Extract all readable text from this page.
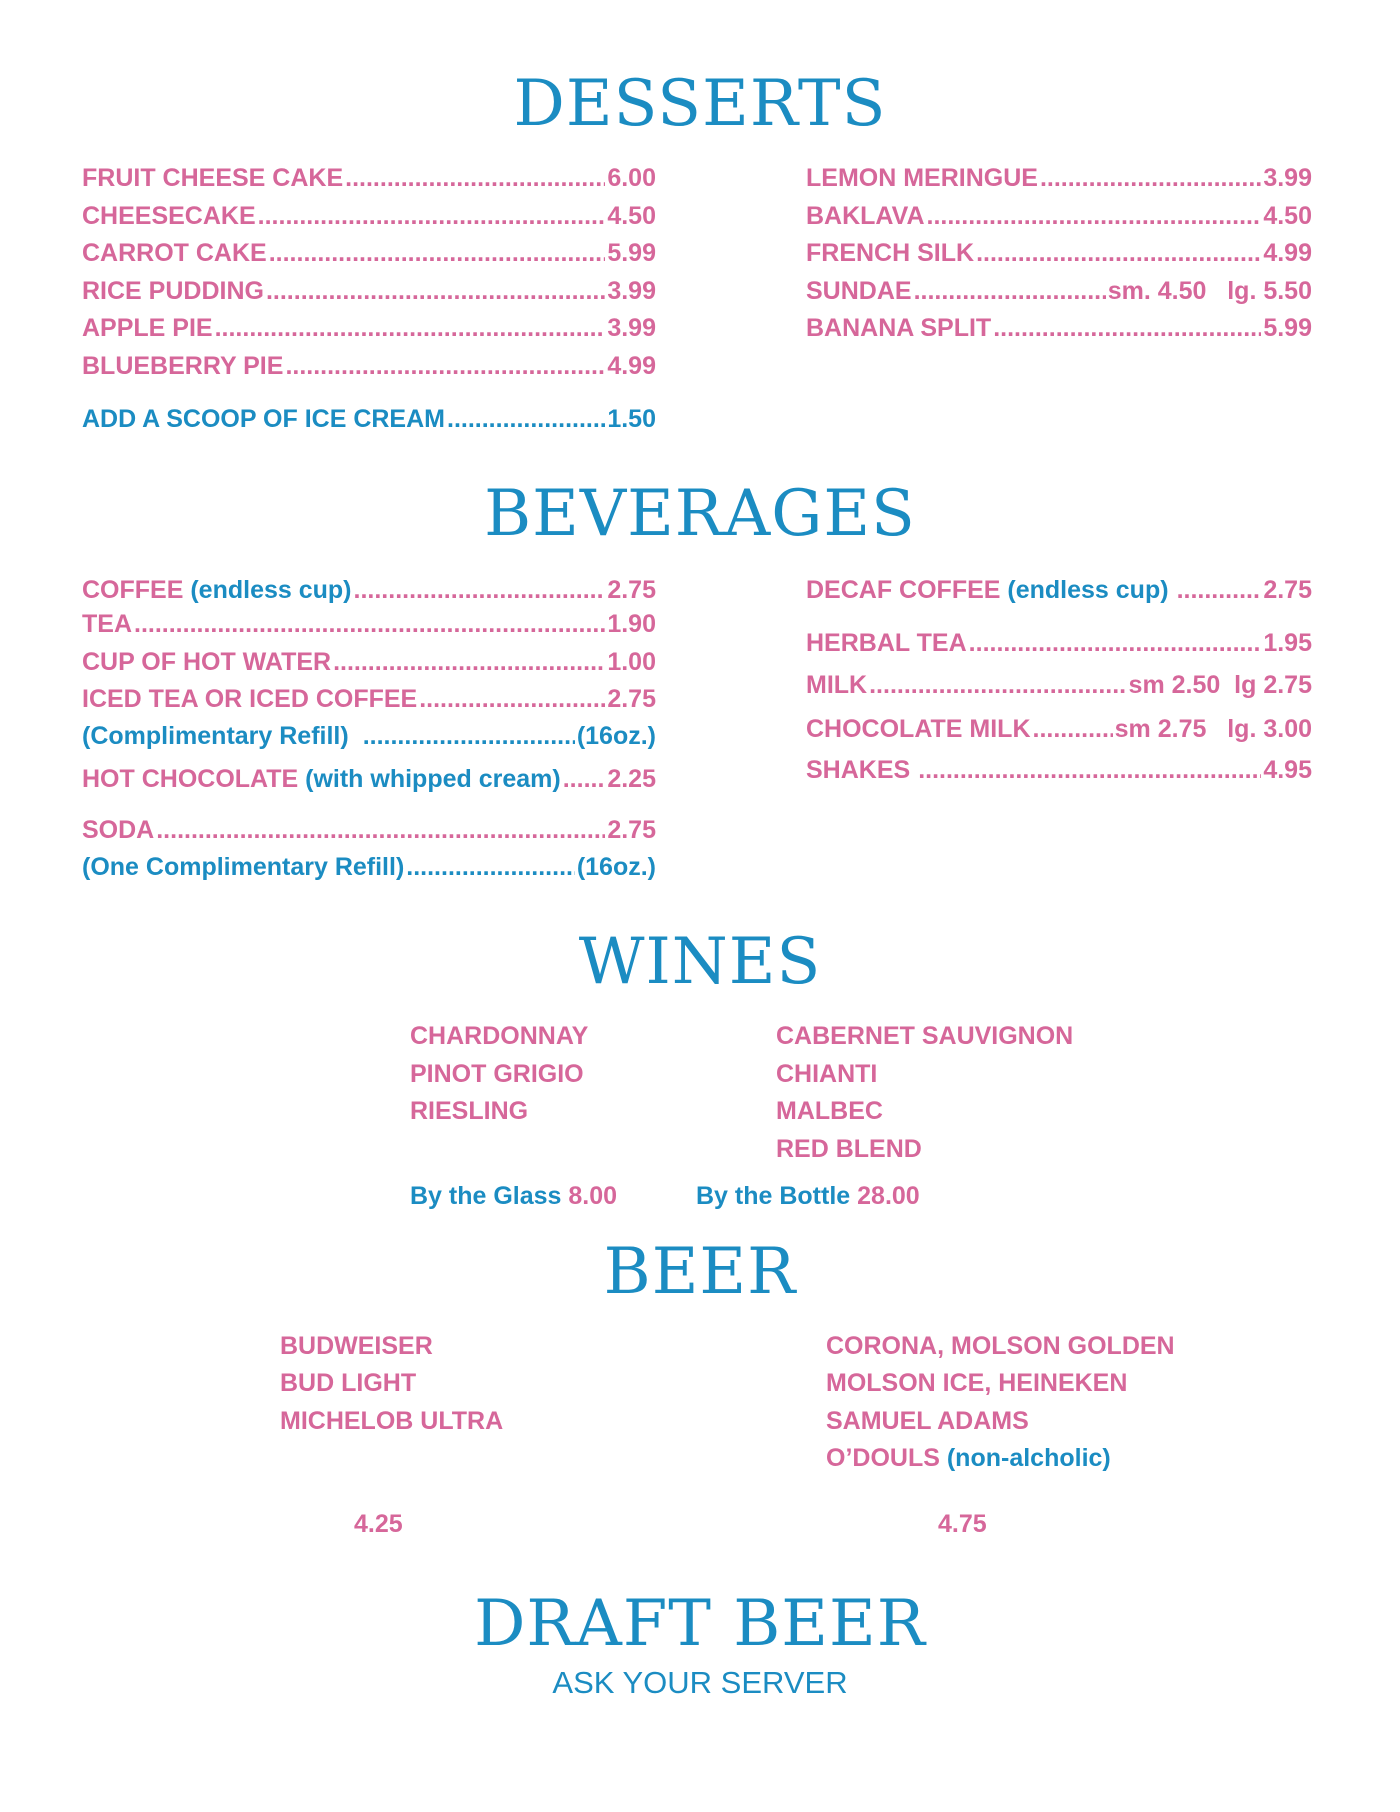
DESSERTS
FRUIT CHEESE CAKE .....	6.00
CHEESECAKE .....	4.50
CARROT CAKE .....	5.99
RICE PUDDING .....	3.99
APPLE PIE .....	3.99
BLUEBERRY PIE .....	4.99
ADD A SCOOP OF ICE CREAM .....	1.50
LEMON MERINGUE .....	3.99
BAKLAVA .....	4.50
FRENCH SILK .....	4.99
SUNDAE .....	sm. 4.50   lg. 5.50
BANANA SPLIT .....	5.99
BEVERAGES
COFFEE
(endless cup) .....	2.75
TEA .....	1.90
CUP OF HOT WATER .....	1.00
ICED TEA OR ICED COFFEE .....	2.75
(Complimentary Refill) .....	(16oz.)
HOT CHOCOLATE
(with whipped cream) ..... 2.25
SODA .....	2.75
(One Complimentary Refill) .....	(16oz.)
DECAF COFFEE
(endless cup) .....	2.75
HERBAL TEA .....	1.95
MILK .....	sm 2.50  lg 2.75
CHOCOLATE MILK .....	sm 2.75   lg. 3.00
SHAKES .....	4.95
WINES
CHARDONNAY
PINOT GRIGIO
RIESLING
CABERNET SAUVIGNON
CHIANTI
MALBEC
RED BLEND
By the Glass 8.00	By the Bottle 28.00
BEER
BUDWEISER
BUD LIGHT
MICHELOB ULTRA
CORONA, MOLSON GOLDEN
MOLSON ICE, HEINEKEN
SAMUEL ADAMS
O’DOULS (non-alcholic)
4.25	4.75
DRAFT BEER
ASK YOUR SERVER
